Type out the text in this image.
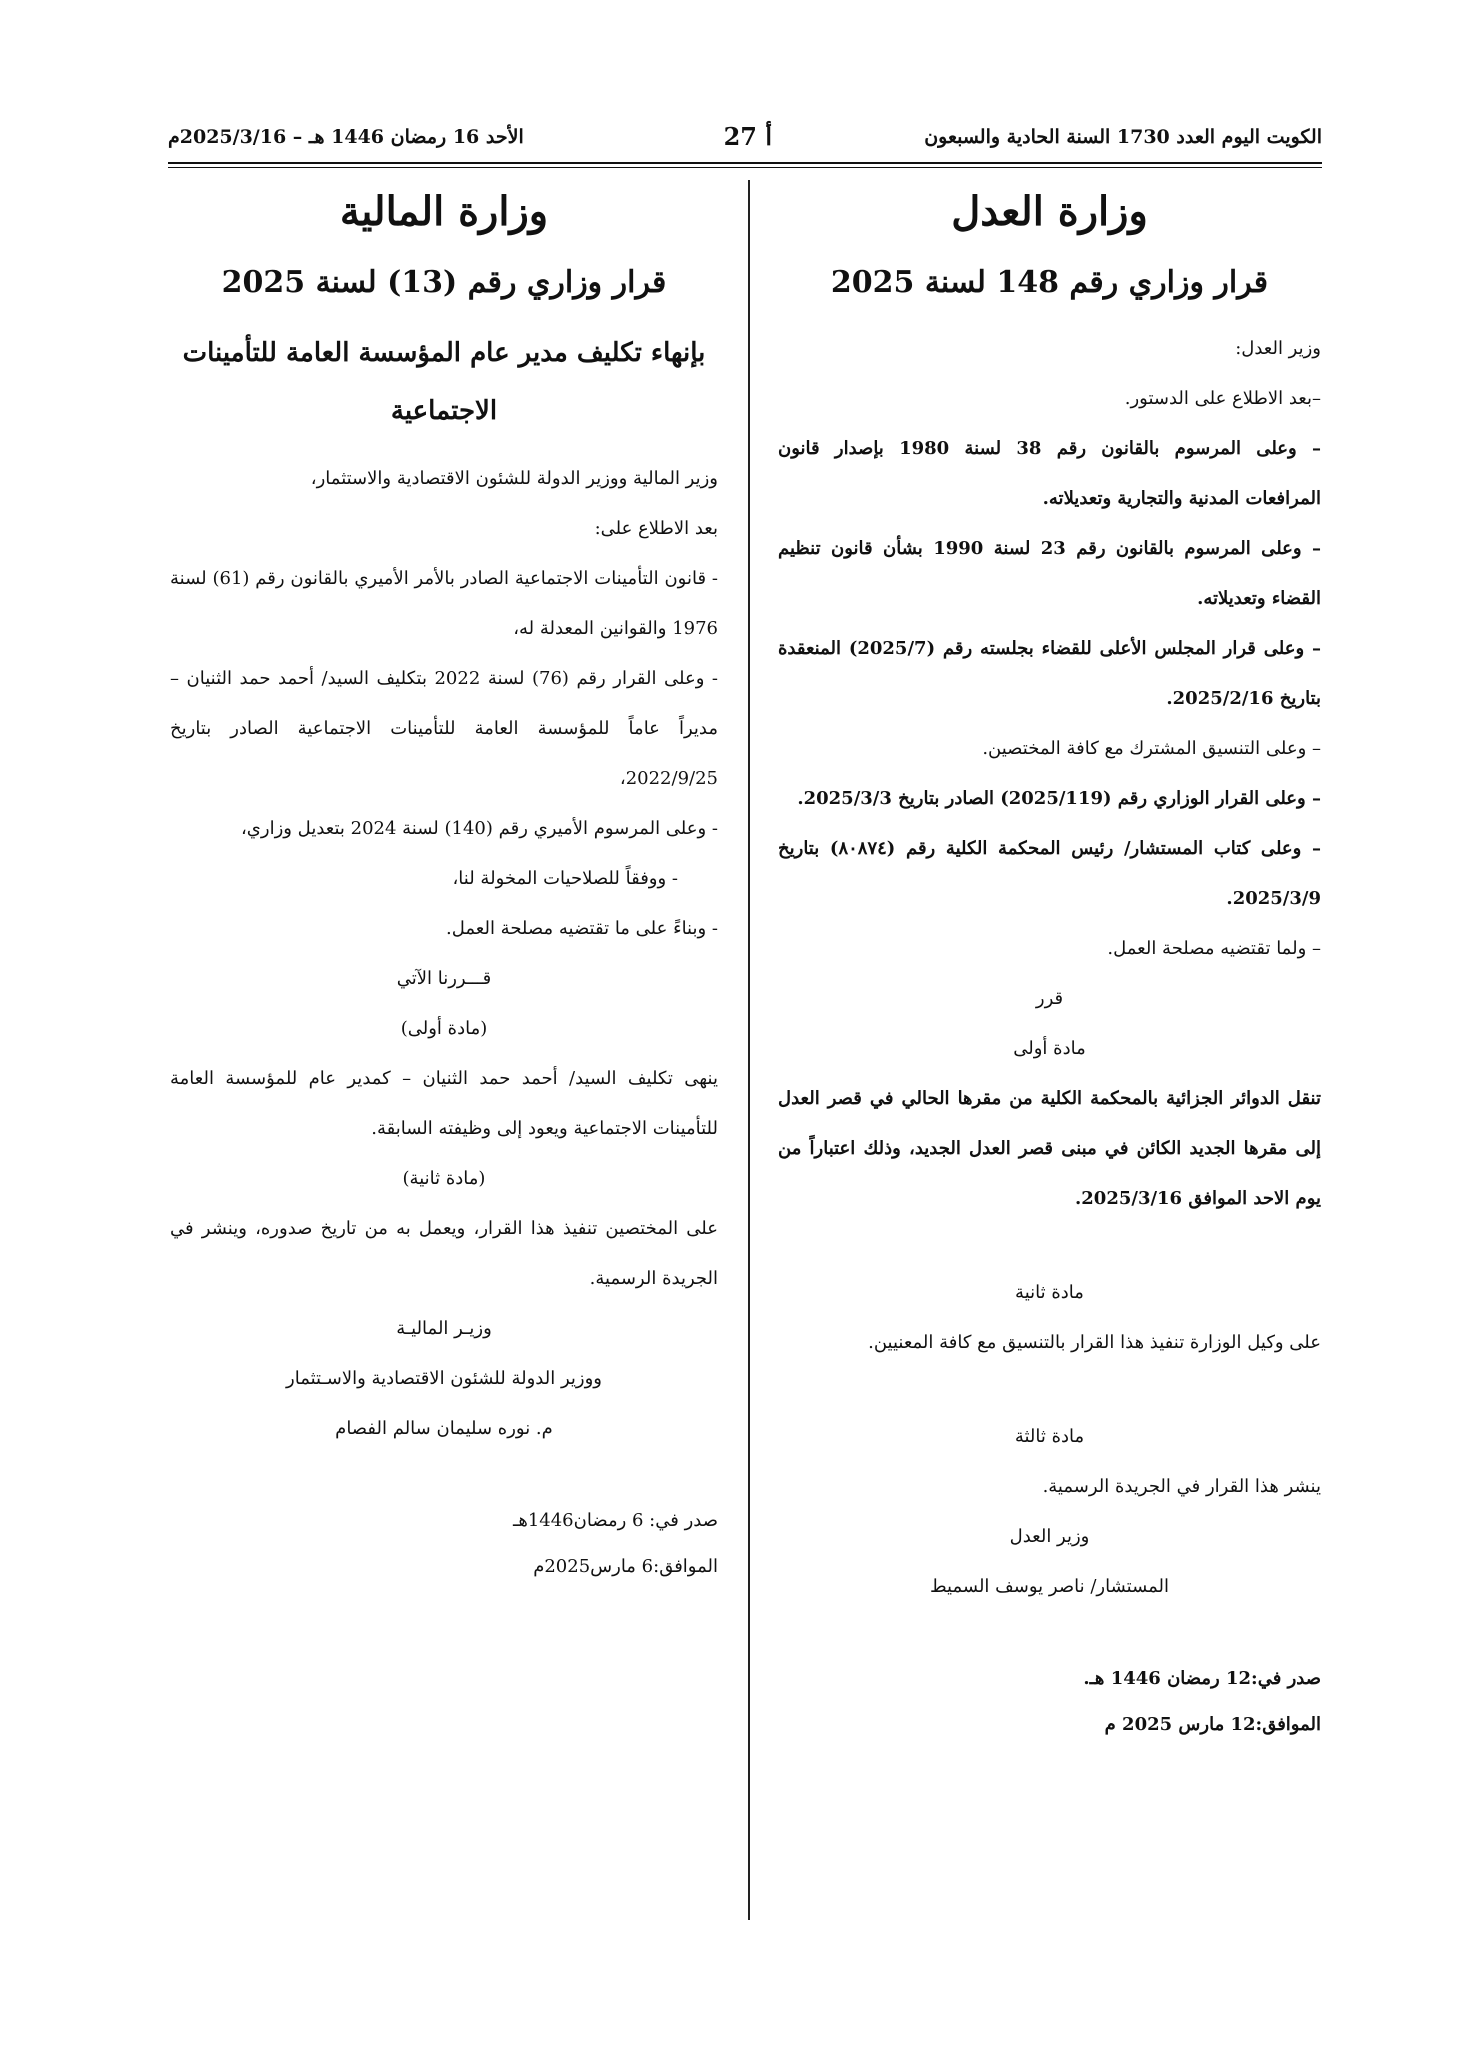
الكويت اليوم العدد 1730 السنة الحادية والسبعون
أ 27
الأحد 16 رمضان 1446 هـ – 2025/3/16م
وزارة العدل
قرار وزاري رقم 148 لسنة 2025

وزير العدل:

–بعد الاطلاع على الدستور.

– وعلى المرسوم بالقانون رقم 38 لسنة 1980 بإصدار قانون المرافعات المدنية والتجارية وتعديلاته.

– وعلى المرسوم بالقانون رقم 23 لسنة 1990 بشأن قانون تنظيم القضاء وتعديلاته.

– وعلى قرار المجلس الأعلى للقضاء بجلسته رقم (2025/7) المنعقدة بتاريخ 2025/2/16.

– وعلى التنسيق المشترك مع كافة المختصين.

– وعلى القرار الوزاري رقم (2025/119) الصادر بتاريخ 2025/3/3.

– وعلى كتاب المستشار/ رئيس المحكمة الكلية رقم (٨٠٨٧٤) بتاريخ 2025/3/9.

– ولما تقتضيه مصلحة العمل.

قرر

مادة أولى

تنقل الدوائر الجزائية بالمحكمة الكلية من مقرها الحالي في قصر العدل إلى مقرها الجديد الكائن في مبنى قصر العدل الجديد، وذلك اعتباراً من يوم الاحد الموافق 2025/3/16.

مادة ثانية

على وكيل الوزارة تنفيذ هذا القرار بالتنسيق مع كافة المعنيين.

مادة ثالثة

ينشر هذا القرار في الجريدة الرسمية.

وزير العدل

المستشار/ ناصر يوسف السميط

صدر في:12 رمضان 1446 هـ.

الموافق:12 مارس 2025 م

وزارة المالية
قرار وزاري رقم (13) لسنة 2025

بإنهاء تكليف مدير عام المؤسسة العامة للتأمينات الاجتماعية

وزير المالية ووزير الدولة للشئون الاقتصادية والاستثمار،

بعد الاطلاع على:

- قانون التأمينات الاجتماعية الصادر بالأمر الأميري بالقانون رقم (61) لسنة 1976 والقوانين المعدلة له،

- وعلى القرار رقم (76) لسنة 2022 بتكليف السيد/ أحمد حمد الثنيان – مديراً عاماً للمؤسسة العامة للتأمينات الاجتماعية الصادر بتاريخ 2022/9/25،

- وعلى المرسوم الأميري رقم (140) لسنة 2024 بتعديل وزاري،

- ووفقاً للصلاحيات المخولة لنا،

- وبناءً على ما تقتضيه مصلحة العمل.

قـــررنا الآتي

(مادة أولى)

ينهى تكليف السيد/ أحمد حمد الثنيان – كمدير عام للمؤسسة العامة للتأمينات الاجتماعية ويعود إلى وظيفته السابقة.

(مادة ثانية)

على المختصين تنفيذ هذا القرار، ويعمل به من تاريخ صدوره، وينشر في الجريدة الرسمية.

وزيـر الماليـة

ووزير الدولة للشئون الاقتصادية والاسـتثمار

م. نوره سليمان سالم الفصام

صدر في: 6 رمضان1446هـ

الموافق:6 مارس2025م
